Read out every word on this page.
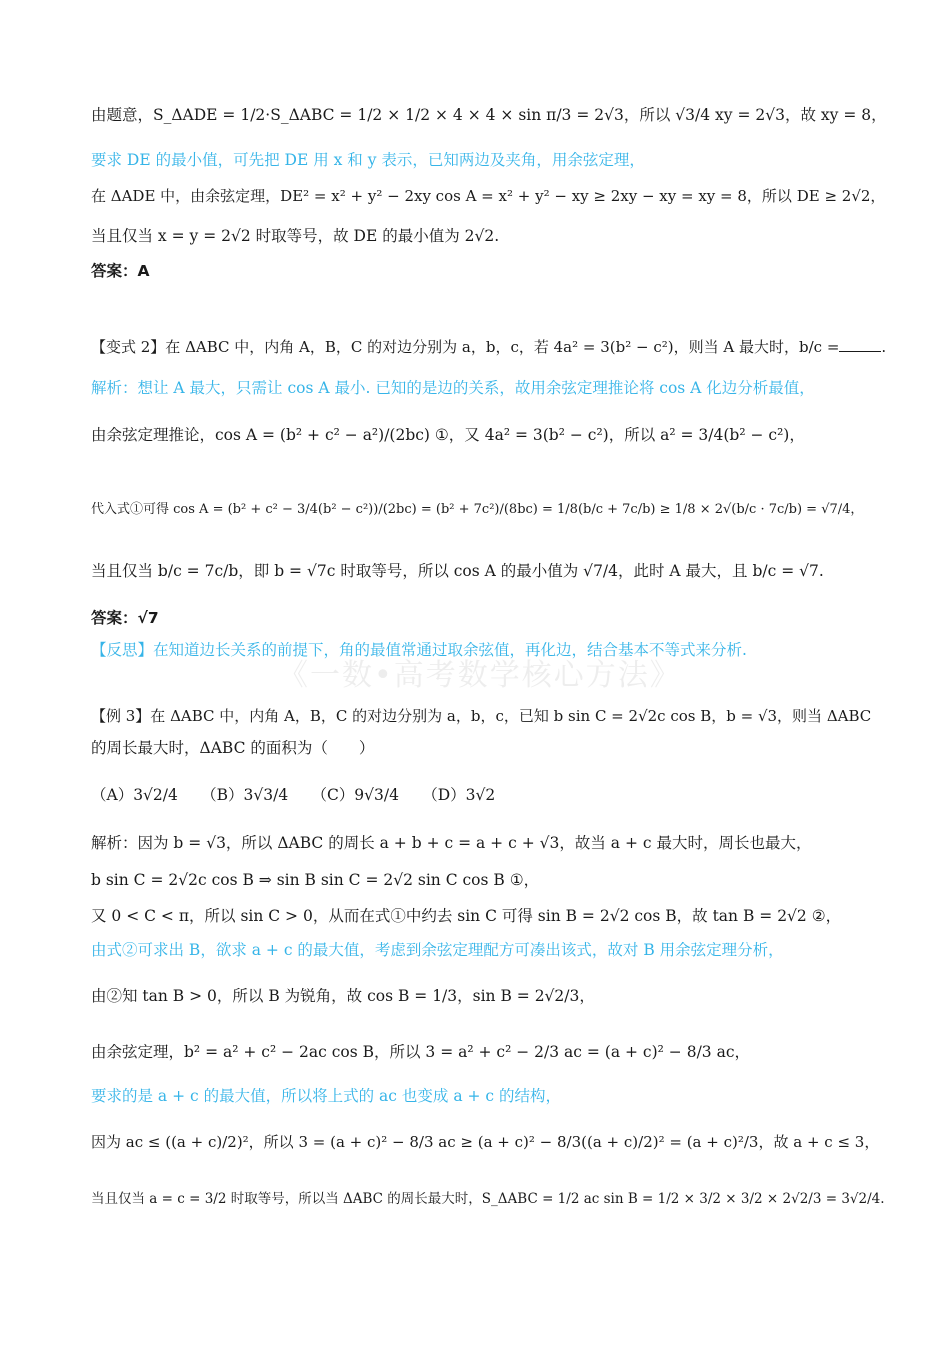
《一数•高考数学核心方法》
由题意，S_ΔADE = 1/2·S_ΔABC = 1/2 × 1/2 × 4 × 4 × sin π/3 = 2√3，所以 √3/4 xy = 2√3，故 xy = 8，
要求 DE 的最小值，可先把 DE 用 x 和 y 表示，已知两边及夹角，用余弦定理，
在 ΔADE 中，由余弦定理，DE² = x² + y² − 2xy cos A = x² + y² − xy ≥ 2xy − xy = xy = 8，所以 DE ≥ 2√2，
当且仅当 x = y = 2√2 时取等号，故 DE 的最小值为 2√2.
答案：A
【变式 2】在 ΔABC 中，内角 A，B，C 的对边分别为 a，b，c，若 4a² = 3(b² − c²)，则当 A 最大时，b/c =	.
解析：想让 A 最大，只需让 cos A 最小. 已知的是边的关系，故用余弦定理推论将 cos A 化边分析最值，
由余弦定理推论，cos A = (b² + c² − a²)/(2bc) ①，又 4a² = 3(b² − c²)，所以 a² = 3/4(b² − c²)，
代入式①可得 cos A = (b² + c² − 3/4(b² − c²))/(2bc) = (b² + 7c²)/(8bc) = 1/8(b/c + 7c/b) ≥ 1/8 × 2√(b/c · 7c/b) = √7/4，
当且仅当 b/c = 7c/b，即 b = √7c 时取等号，所以 cos A 的最小值为 √7/4，此时 A 最大，且 b/c = √7.
答案：√7
【反思】在知道边长关系的前提下，角的最值常通过取余弦值，再化边，结合基本不等式来分析.
【例 3】在 ΔABC 中，内角 A，B，C 的对边分别为 a，b，c，已知 b sin C = 2√2c cos B，b = √3，则当 ΔABC
的周长最大时，ΔABC 的面积为（　　）
（A）3√2/4　　（B）3√3/4　　（C）9√3/4　　（D）3√2
解析：因为 b = √3，所以 ΔABC 的周长 a + b + c = a + c + √3，故当 a + c 最大时，周长也最大，
b sin C = 2√2c cos B ⇒ sin B sin C = 2√2 sin C cos B ①，
又 0 < C < π，所以 sin C > 0，从而在式①中约去 sin C 可得 sin B = 2√2 cos B，故 tan B = 2√2 ②，
由式②可求出 B，欲求 a + c 的最大值，考虑到余弦定理配方可凑出该式，故对 B 用余弦定理分析，
由②知 tan B > 0，所以 B 为锐角，故 cos B = 1/3，sin B = 2√2/3，
由余弦定理，b² = a² + c² − 2ac cos B，所以 3 = a² + c² − 2/3 ac = (a + c)² − 8/3 ac，
要求的是 a + c 的最大值，所以将上式的 ac 也变成 a + c 的结构，
因为 ac ≤ ((a + c)/2)²，所以 3 = (a + c)² − 8/3 ac ≥ (a + c)² − 8/3((a + c)/2)² = (a + c)²/3，故 a + c ≤ 3，
当且仅当 a = c = 3/2 时取等号，所以当 ΔABC 的周长最大时，S_ΔABC = 1/2 ac sin B = 1/2 × 3/2 × 3/2 × 2√2/3 = 3√2/4.
